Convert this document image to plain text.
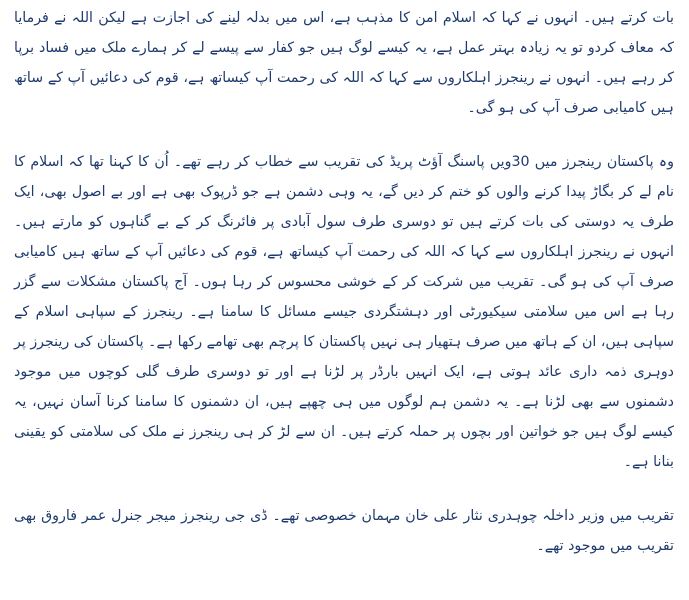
بات کرتے ہیں۔ انہوں نے کہا کہ اسلام امن کا مذہب ہے، اس میں بدلہ لینے کی اجازت ہے لیکن اللہ نے فرمایا کہ معاف کردو تو یہ زیادہ بہتر عمل ہے، یہ کیسے لوگ ہیں جو کفار سے پیسے لے کر ہمارے ملک میں فساد برپا کر رہے ہیں۔ انہوں نے رینجرز اہلکاروں سے کہا کہ اللہ کی رحمت آپ کیساتھ ہے، قوم کی دعائیں آپ کے ساتھ ہیں کامیابی صرف آپ کی ہو گی۔

وہ پاکستان رینجرز میں 30ویں پاسنگ آؤٹ پریڈ کی تقریب سے خطاب کر رہے تھے۔ اُن کا کہنا تھا کہ اسلام کا نام لے کر بگاڑ پیدا کرنے والوں کو ختم کر دیں گے، یہ وہی دشمن ہے جو ڈرپوک بھی ہے اور بے اصول بھی، ایک طرف یہ دوستی کی بات کرتے ہیں تو دوسری طرف سول آبادی پر فائرنگ کر کے بے گناہوں کو مارتے ہیں۔ انہوں نے رینجرز اہلکاروں سے کہا کہ اللہ کی رحمت آپ کیساتھ ہے، قوم کی دعائیں آپ کے ساتھ ہیں کامیابی صرف آپ کی ہو گی۔ تقریب میں شرکت کر کے خوشی محسوس کر رہا ہوں۔ آج پاکستان مشکلات سے گزر رہا ہے اس میں سلامتی سیکیورٹی اور دہشتگردی جیسے مسائل کا سامنا ہے۔ رینجرز کے سپاہی اسلام کے سپاہی ہیں، ان کے ہاتھ میں صرف ہتھیار ہی نہیں پاکستان کا پرچم بھی تھامے رکھا ہے۔ پاکستان کی رینجرز پر دوہری ذمہ داری عائد ہوتی ہے، ایک انہیں بارڈر پر لڑنا ہے اور تو دوسری طرف گلی کوچوں میں موجود دشمنوں سے بھی لڑنا ہے۔ یہ دشمن ہم لوگوں میں ہی چھپے ہیں، ان دشمنوں کا سامنا کرنا آسان نہیں، یہ کیسے لوگ ہیں جو خواتین اور بچوں پر حملہ کرتے ہیں۔ ان سے لڑ کر ہی رینجرز نے ملک کی سلامتی کو یقینی بنانا ہے۔

تقریب میں وزیر داخلہ چوہدری نثار علی خان مہمان خصوصی تھے۔ ڈی جی رینجرز میجر جنرل عمر فاروق بھی تقریب میں موجود تھے۔
